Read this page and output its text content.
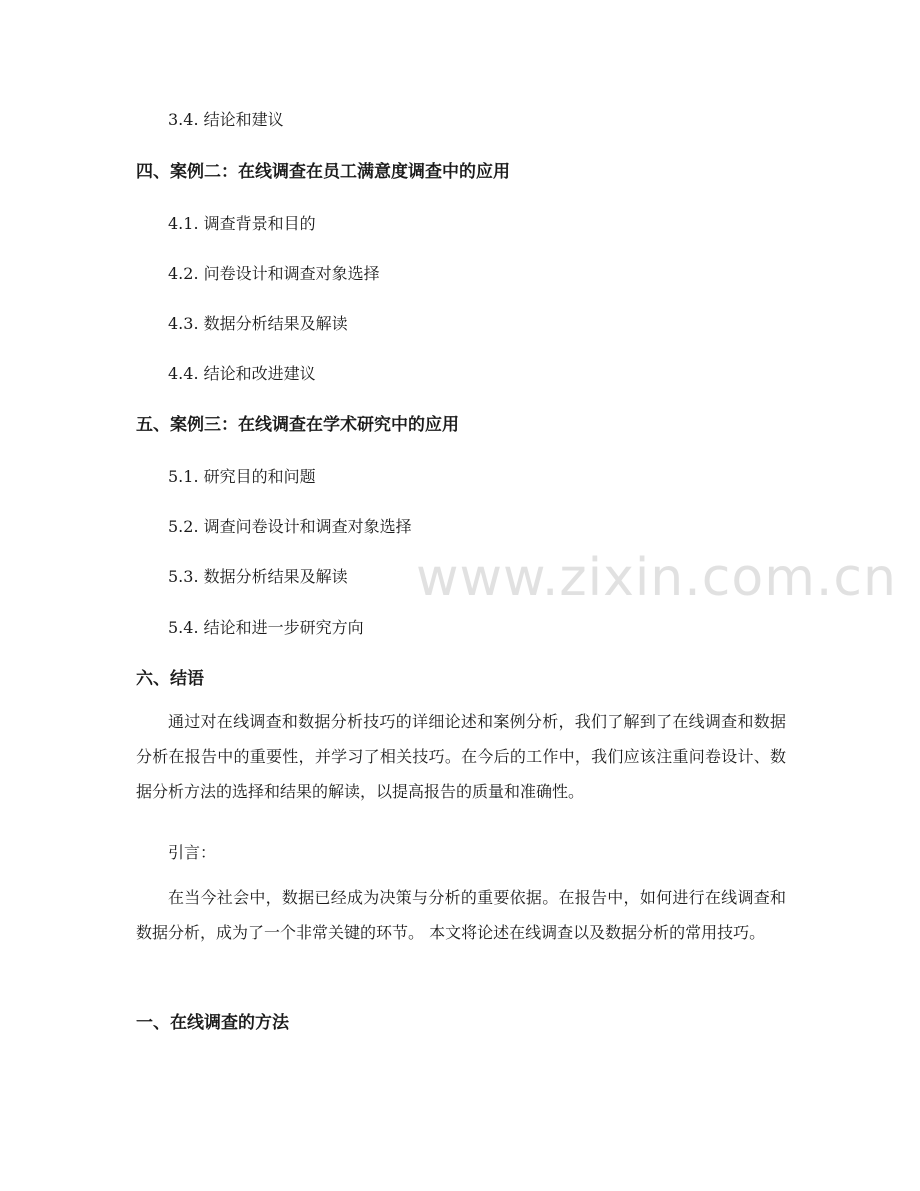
3.4. 结论和建议
四、案例二：在线调查在员工满意度调查中的应用
4.1. 调查背景和目的
4.2. 问卷设计和调查对象选择
4.3. 数据分析结果及解读
4.4. 结论和改进建议
五、案例三：在线调查在学术研究中的应用
5.1. 研究目的和问题
5.2. 调查问卷设计和调查对象选择
5.3. 数据分析结果及解读
5.4. 结论和进一步研究方向
六、结语
通过对在线调查和数据分析技巧的详细论述和案例分析，我们了解到了在线调查和数据分析在报告中的重要性，并学习了相关技巧。在今后的工作中，我们应该注重问卷设计、数据分析方法的选择和结果的解读，以提高报告的质量和准确性。
引言：
在当今社会中，数据已经成为决策与分析的重要依据。在报告中，如何进行在线调查和数据分析，成为了一个非常关键的环节。 本文将论述在线调查以及数据分析的常用技巧。
一、在线调查的方法
www.zixin.com.cn
